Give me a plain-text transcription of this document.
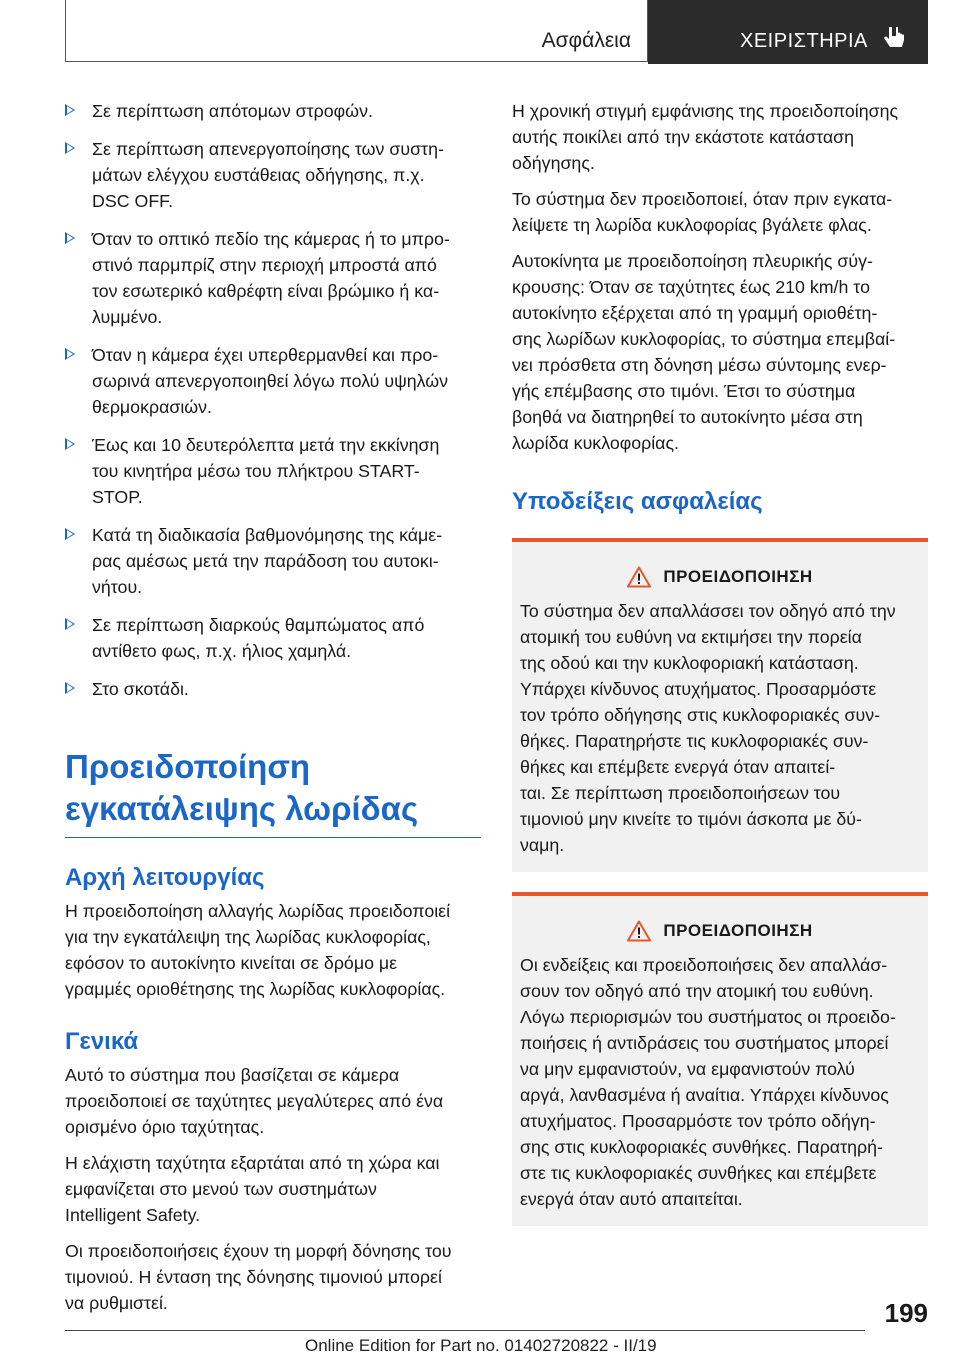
Ασφάλεια	ΧΕΙΡΙΣΤΗΡΙΑ
Σε περίπτωση απότομων στροφών.
Σε περίπτωση απενεργοποίησης των συστη-
μάτων ελέγχου ευστάθειας οδήγησης, π.χ.
DSC OFF.
Όταν το οπτικό πεδίο της κάμερας ή το μπρο-
στινό παρμπρίζ στην περιοχή μπροστά από
τον εσωτερικό καθρέφτη είναι βρώμικο ή κα-
λυμμένο.
Όταν η κάμερα έχει υπερθερμανθεί και προ-
σωρινά απενεργοποιηθεί λόγω πολύ υψηλών
θερμοκρασιών.
Έως και 10 δευτερόλεπτα μετά την εκκίνηση
του κινητήρα μέσω του πλήκτρου START-
STOP.
Κατά τη διαδικασία βαθμονόμησης της κάμε-
ρας αμέσως μετά την παράδοση του αυτοκι-
νήτου.
Σε περίπτωση διαρκούς θαμπώματος από
αντίθετο φως, π.χ. ήλιος χαμηλά.
Στο σκοτάδι.
Προειδοποίηση
εγκατάλειψης λωρίδας
Αρχή λειτουργίας

Η προειδοποίηση αλλαγής λωρίδας προειδοποιεί
για την εγκατάλειψη της λωρίδας κυκλοφορίας,
εφόσον το αυτοκίνητο κινείται σε δρόμο με
γραμμές οριοθέτησης της λωρίδας κυκλοφορίας.

Γενικά

Αυτό το σύστημα που βασίζεται σε κάμερα
προειδοποιεί σε ταχύτητες μεγαλύτερες από ένα
ορισμένο όριο ταχύτητας.

Η ελάχιστη ταχύτητα εξαρτάται από τη χώρα και
εμφανίζεται στο μενού των συστημάτων
Intelligent Safety.

Οι προειδοποιήσεις έχουν τη μορφή δόνησης του
τιμονιού. Η ένταση της δόνησης τιμονιού μπορεί
να ρυθμιστεί.

Η χρονική στιγμή εμφάνισης της προειδοποίησης
αυτής ποικίλει από την εκάστοτε κατάσταση
οδήγησης.

Το σύστημα δεν προειδοποιεί, όταν πριν εγκατα-
λείψετε τη λωρίδα κυκλοφορίας βγάλετε φλας.

Αυτοκίνητα με προειδοποίηση πλευρικής σύγ-
κρουσης: Όταν σε ταχύτητες έως 210 km/h το
αυτοκίνητο εξέρχεται από τη γραμμή οριοθέτη-
σης λωρίδων κυκλοφορίας, το σύστημα επεμβαί-
νει πρόσθετα στη δόνηση μέσω σύντομης ενερ-
γής επέμβασης στο τιμόνι. Έτσι το σύστημα
βοηθά να διατηρηθεί το αυτοκίνητο μέσα στη
λωρίδα κυκλοφορίας.

Υποδείξεις ασφαλείας
ΠΡΟΕΙΔΟΠΟΙΗΣΗ

Το σύστημα δεν απαλλάσσει τον οδηγό από την
ατομική του ευθύνη να εκτιμήσει την πορεία
της οδού και την κυκλοφοριακή κατάσταση.
Υπάρχει κίνδυνος ατυχήματος. Προσαρμόστε
τον τρόπο οδήγησης στις κυκλοφοριακές συν-
θήκες. Παρατηρήστε τις κυκλοφοριακές συν-
θήκες και επέμβετε ενεργά όταν απαιτεί-
ται. Σε περίπτωση προειδοποιήσεων του
τιμονιού μην κινείτε το τιμόνι άσκοπα με δύ-
ναμη.

ΠΡΟΕΙΔΟΠΟΙΗΣΗ

Οι ενδείξεις και προειδοποιήσεις δεν απαλλάσ-
σουν τον οδηγό από την ατομική του ευθύνη.
Λόγω περιορισμών του συστήματος οι προειδο-
ποιήσεις ή αντιδράσεις του συστήματος μπορεί
να μην εμφανιστούν, να εμφανιστούν πολύ
αργά, λανθασμένα ή αναίτια. Υπάρχει κίνδυνος
ατυχήματος. Προσαρμόστε τον τρόπο οδήγη-
σης στις κυκλοφοριακές συνθήκες. Παρατηρή-
στε τις κυκλοφοριακές συνθήκες και επέμβετε
ενεργά όταν αυτό απαιτείται.

199
Online Edition for Part no. 01402720822 - II/19
